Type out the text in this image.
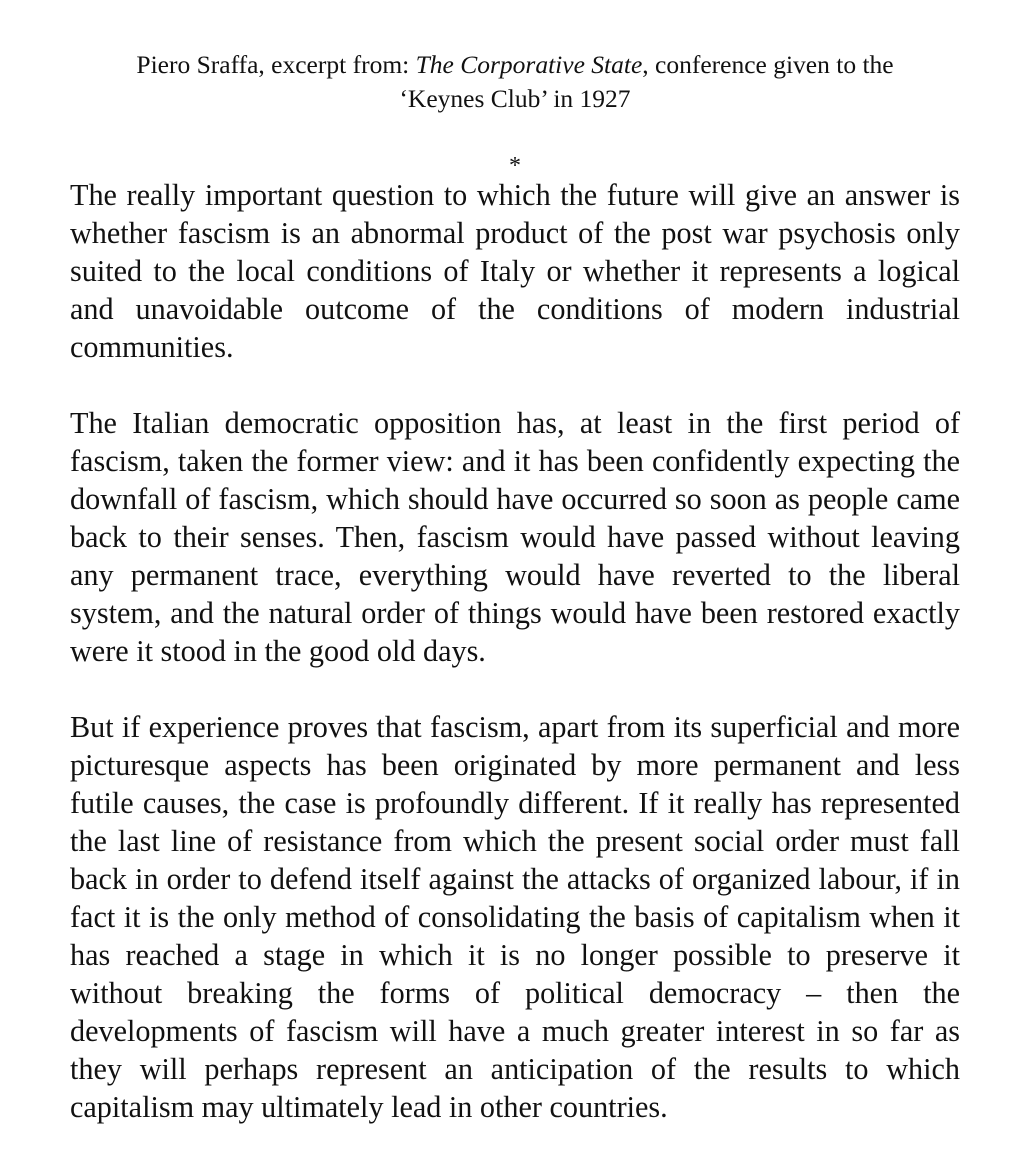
Piero Sraffa, excerpt from: The Corporative State, conference given to the ‘Keynes Club’ in 1927
*

The really important question to which the future will give an answer is whether fascism is an abnormal product of the post war psychosis only suited to the local conditions of Italy or whether it represents a logical and unavoidable outcome of the conditions of modern industrial communities.

The Italian democratic opposition has, at least in the first period of fascism, taken the former view: and it has been confidently expecting the downfall of fascism, which should have occurred so soon as people came back to their senses. Then, fascism would have passed without leaving any permanent trace, everything would have reverted to the liberal system, and the natural order of things would have been restored exactly were it stood in the good old days.

But if experience proves that fascism, apart from its superficial and more picturesque aspects has been originated by more permanent and less futile causes, the case is profoundly different. If it really has represented the last line of resistance from which the present social order must fall back in order to defend itself against the attacks of organized labour, if in fact it is the only method of consolidating the basis of capitalism when it has reached a stage in which it is no longer possible to preserve it without breaking the forms of political democracy – then the developments of fascism will have a much greater interest in so far as they will perhaps represent an anticipation of the results to which capitalism may ultimately lead in other countries.
